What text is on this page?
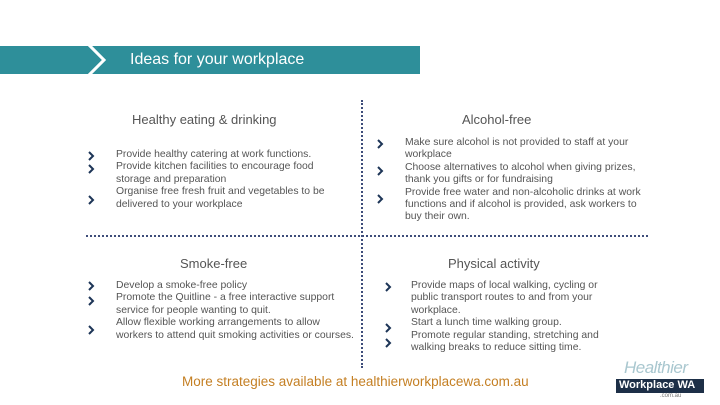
Ideas for your workplace
Healthy eating & drinking
Provide healthy catering at work functions.
Provide kitchen facilities to encourage food storage and preparation
Organise free fresh fruit and vegetables to be delivered to your workplace
Alcohol-free
Make sure alcohol is not provided to staff at your workplace
Choose alternatives to alcohol when giving prizes, thank you gifts or for fundraising
Provide free water and non-alcoholic drinks at work functions and if alcohol is provided, ask workers to buy their own.
Smoke-free
Develop a smoke-free policy
Promote the Quitline - a free interactive support service for people wanting to quit.
Allow flexible working arrangements to allow workers to attend quit smoking activities or courses.
Physical activity
Provide maps of local walking, cycling or public transport routes to and from your workplace.
Start a lunch time walking group.
Promote regular standing, stretching and walking breaks to reduce sitting time.
More strategies available at healthierworkplacewa.com.au
Healthier
Workplace WA
.com.au
